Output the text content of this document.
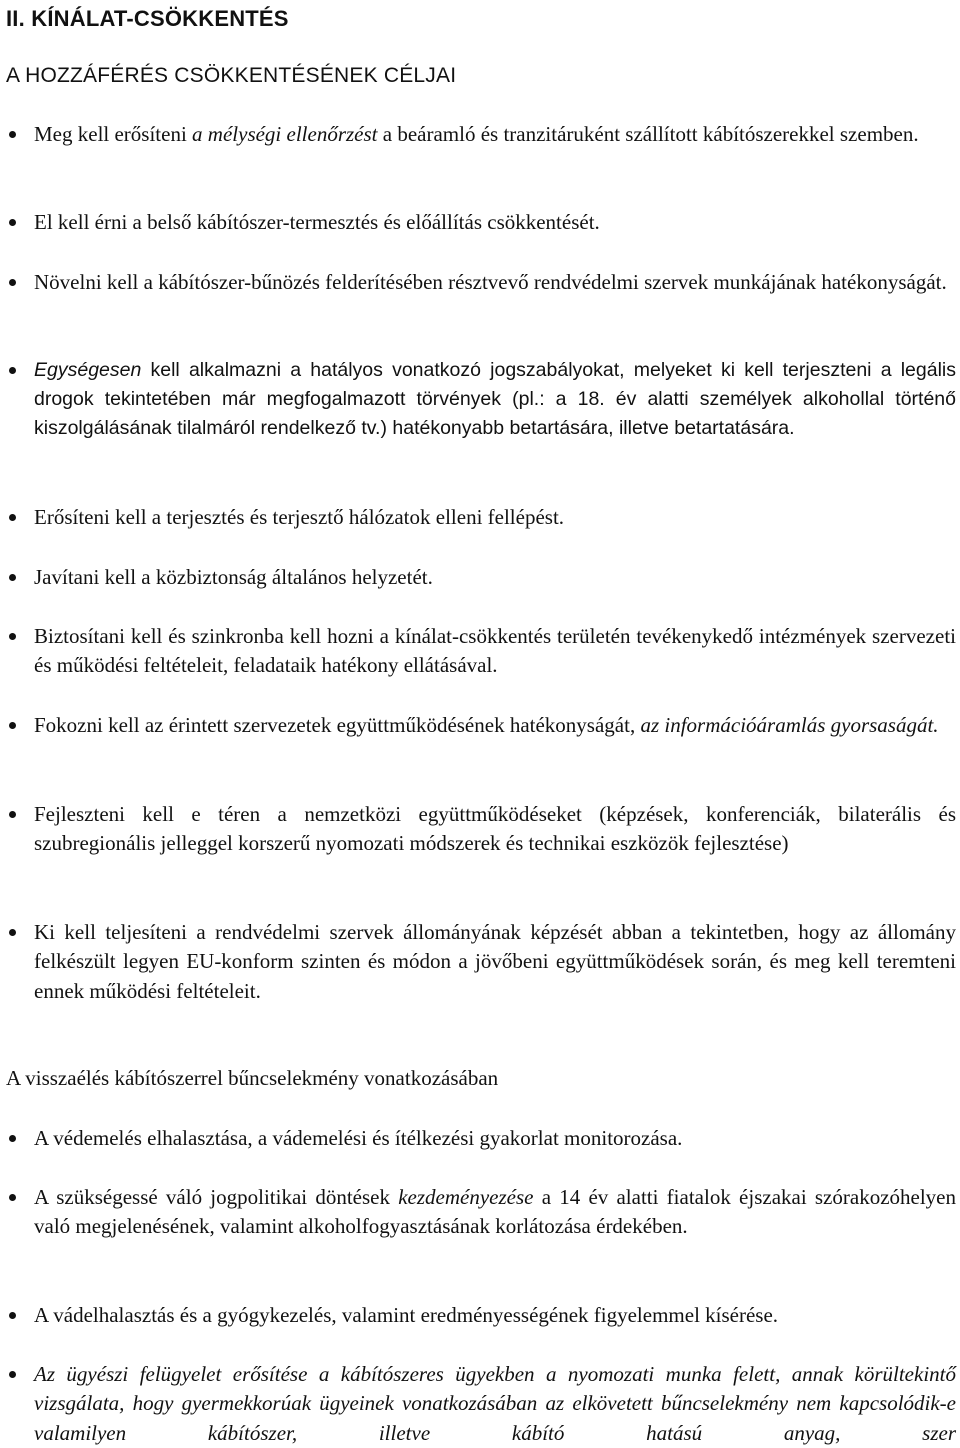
II. KÍNÁLAT-CSÖKKENTÉS
A HOZZÁFÉRÉS CSÖKKENTÉSÉNEK CÉLJAI

Meg kell erősíteni a mélységi ellenőrzést a beáramló és tranzitáruként szállított kábítószerekkel szemben.

El kell érni a belső kábítószer-termesztés és előállítás csökkentését.

Növelni kell a kábítószer-bűnözés felderítésében résztvevő rendvédelmi szervek munkájának hatékonyságát.

Egységesen kell alkalmazni a hatályos vonatkozó jogszabályokat, melyeket ki kell terjeszteni a legális drogok tekintetében már megfogalmazott törvények (pl.: a 18. év alatti személyek alkohollal történő kiszolgálásának tilalmáról rendelkező tv.) hatékonyabb betartására, illetve betartatására.

Erősíteni kell a terjesztés és terjesztő hálózatok elleni fellépést.

Javítani kell a közbiztonság általános helyzetét.

Biztosítani kell és szinkronba kell hozni a kínálat-csökkentés területén tevékenykedő intézmények szervezeti és működési feltételeit, feladataik hatékony ellátásával.

Fokozni kell az érintett szervezetek együttműködésének hatékonyságát, az információáramlás gyorsaságát.

Fejleszteni kell e téren a nemzetközi együttműködéseket (képzések, konferenciák, bilaterális és szubregionális jelleggel korszerű nyomozati módszerek és technikai eszközök fejlesztése)

Ki kell teljesíteni a rendvédelmi szervek állományának képzését abban a tekintetben, hogy az állomány felkészült legyen EU-konform szinten és módon a jövőbeni együttműködések során, és meg kell teremteni ennek működési feltételeit.

A visszaélés kábítószerrel bűncselekmény vonatkozásában

A védemelés elhalasztása, a vádemelési és ítélkezési gyakorlat monitorozása.

A szükségessé váló jogpolitikai döntések kezdeményezése a 14 év alatti fiatalok éjszakai szórakozóhelyen való megjelenésének, valamint alkoholfogyasztásának korlátozása érdekében.

A vádelhalasztás és a gyógykezelés, valamint eredményességének figyelemmel kísérése.

Az ügyészi felügyelet erősítése a kábítószeres ügyekben a nyomozati munka felett, annak körültekintő vizsgálata, hogy gyermekkorúak ügyeinek vonatkozásában az elkövetett bűncselekmény nem kapcsolódik-e valamilyen kábítószer, illetve kábító hatású anyag, szer
